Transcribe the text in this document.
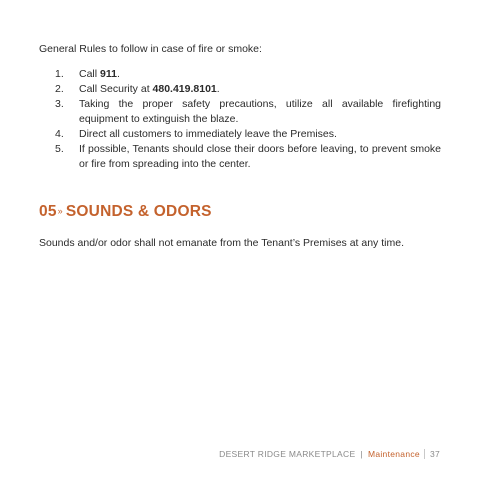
General Rules to follow in case of fire or smoke:

1.	Call 911.
2.	Call Security at 480.419.8101.
3.	Taking the proper safety precautions, utilize all available firefighting equipment to extinguish the blaze.
4.	Direct all customers to immediately leave the Premises.
5.	If possible, Tenants should close their doors before leaving, to prevent smoke or fire from spreading into the center.
05» SOUNDS & ODORS

Sounds and/or odor shall not emanate from the Tenant’s Premises at any time.

DESERT RIDGE MARKETPLACE | Maintenance 37
